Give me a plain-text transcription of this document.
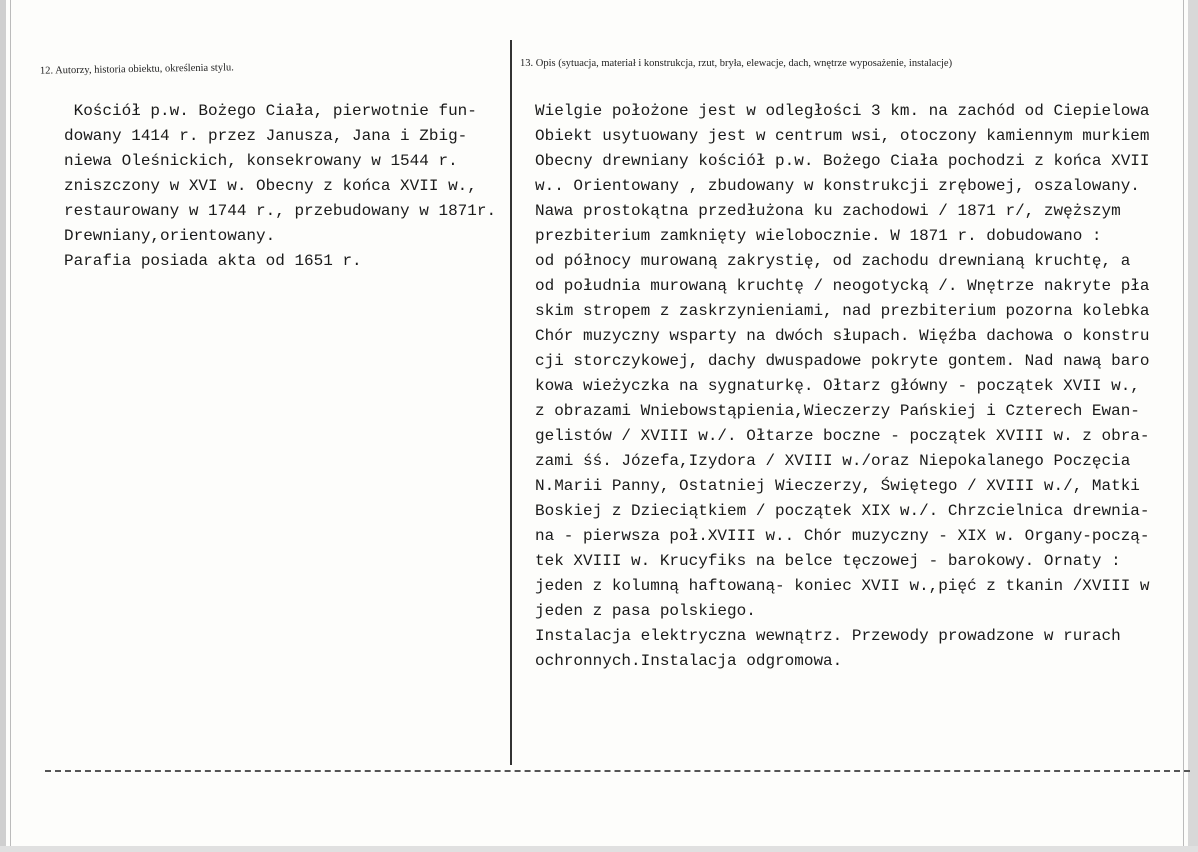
12. Autorzy, historia obiektu, określenia stylu.	13. Opis (sytuacja, materiał i konstrukcja, rzut, bryła, elewacje, dach, wnętrze wyposażenie, instalacje)
Kościół p.w. Bożego Ciała, pierwotnie fun-
dowany 1414 r. przez Janusza, Jana i Zbig-
niewa Oleśnickich, konsekrowany w 1544 r.
zniszczony w XVI w. Obecny z końca XVII w.,
restaurowany w 1744 r., przebudowany w 1871r.
Drewniany,orientowany.
Parafia posiada akta od 1651 r.
Wielgie położone jest w odległości 3 km. na zachód od Ciepielowa
Obiekt usytuowany jest w centrum wsi, otoczony kamiennym murkiem
Obecny drewniany kościół p.w. Bożego Ciała pochodzi z końca XVII
w.. Orientowany , zbudowany w konstrukcji zrębowej, oszalowany.
Nawa prostokątna przedłużona ku zachodowi / 1871 r/, zwęższym
prezbiterium zamknięty wielobocznie. W 1871 r. dobudowano :
od północy murowaną zakrystię, od zachodu drewnianą kruchtę, a
od południa murowaną kruchtę / neogotycką /. Wnętrze nakryte pła
skim stropem z zaskrzynieniami, nad prezbiterium pozorna kolebka
Chór muzyczny wsparty na dwóch słupach. Więźba dachowa o konstru
cji storczykowej, dachy dwuspadowe pokryte gontem. Nad nawą baro
kowa wieżyczka na sygnaturkę. Ołtarz główny - początek XVII w.,
z obrazami Wniebowstąpienia,Wieczerzy Pańskiej i Czterech Ewan-
gelistów / XVIII w./. Ołtarze boczne - początek XVIII w. z obra-
zami śś. Józefa,Izydora / XVIII w./oraz Niepokalanego Poczęcia
N.Marii Panny, Ostatniej Wieczerzy, Świętego / XVIII w./, Matki
Boskiej z Dzieciątkiem / początek XIX w./. Chrzcielnica drewnia-
na - pierwsza poł.XVIII w.. Chór muzyczny - XIX w. Organy-począ-
tek XVIII w. Krucyfiks na belce tęczowej - barokowy. Ornaty :
jeden z kolumną haftowaną- koniec XVII w.,pięć z tkanin /XVIII w
jeden z pasa polskiego.
Instalacja elektryczna wewnątrz. Przewody prowadzone w rurach
ochronnych.Instalacja odgromowa.
